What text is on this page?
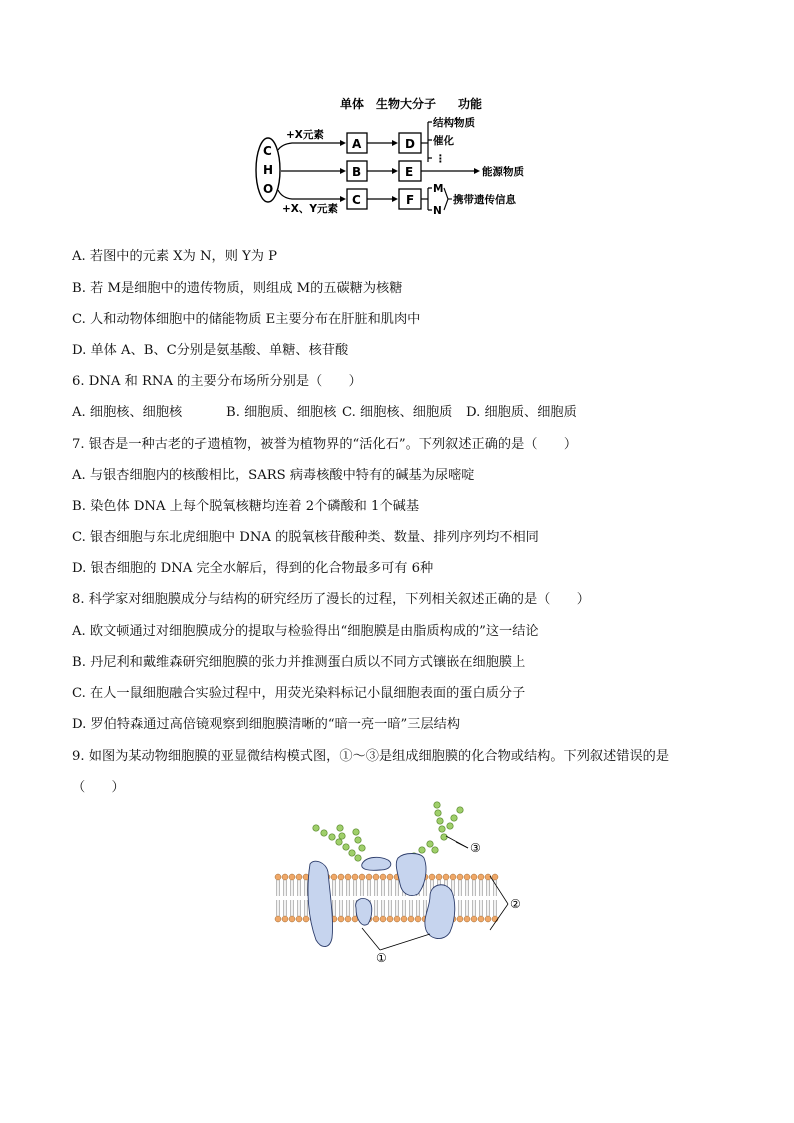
单体 生物大分子 功能
C
H
O
+X元素
+X、Y元素
A
B
C
D
E
F
结构物质
催化
⋮
能源物质
M
N
携带遗传信息
A. 若图中的元素 X为 N，则 Y为 P
B. 若 M是细胞中的遗传物质，则组成 M的五碳糖为核糖
C. 人和动物体细胞中的储能物质 E主要分布在肝脏和肌肉中
D. 单体 A、B、C分别是氨基酸、单糖、核苷酸
6. DNA 和 RNA 的主要分布场所分别是（　　）
A. 细胞核、细胞核	B. 细胞质、细胞核 C. 细胞核、细胞质 D. 细胞质、细胞质
7. 银杏是一种古老的孑遗植物，被誉为植物界的“活化石”。下列叙述正确的是（　　）
A. 与银杏细胞内的核酸相比，SARS 病毒核酸中特有的碱基为尿嘧啶
B. 染色体 DNA 上每个脱氧核糖均连着 2个磷酸和 1个碱基
C. 银杏细胞与东北虎细胞中 DNA 的脱氧核苷酸种类、数量、排列序列均不相同
D. 银杏细胞的 DNA 完全水解后，得到的化合物最多可有 6种
8. 科学家对细胞膜成分与结构的研究经历了漫长的过程，下列相关叙述正确的是（　　）
A. 欧文顿通过对细胞膜成分的提取与检验得出“细胞膜是由脂质构成的”这一结论
B. 丹尼利和戴维森研究细胞膜的张力并推测蛋白质以不同方式镶嵌在细胞膜上
C. 在人一鼠细胞融合实验过程中，用荧光染料标记小鼠细胞表面的蛋白质分子
D. 罗伯特森通过高倍镜观察到细胞膜清晰的“暗一亮一暗”三层结构
9. 如图为某动物细胞膜的亚显微结构模式图，①～③是组成细胞膜的化合物或结构。下列叙述错误的是
（　　）
③
②
①
